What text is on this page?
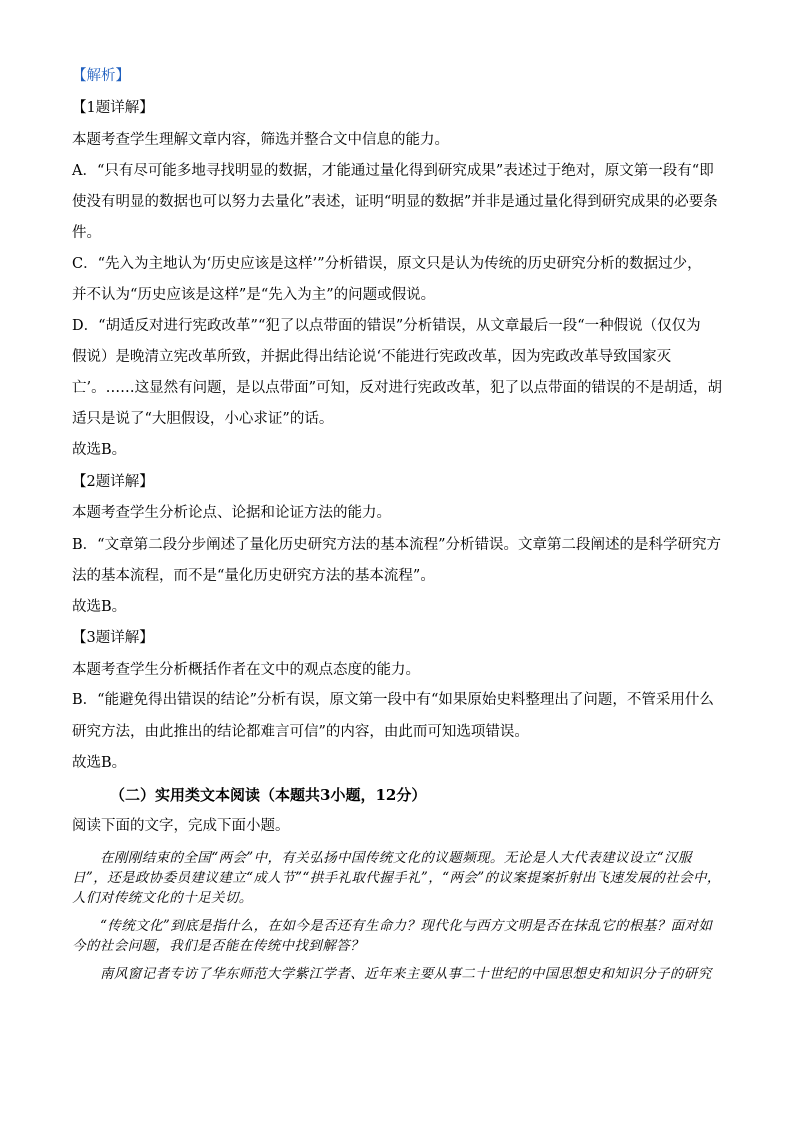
【解析】
【1题详解】
本题考查学生理解文章内容，筛选并整合文中信息的能力。
A．“只有尽可能多地寻找明显的数据，才能通过量化得到研究成果”表述过于绝对，原文第一段有“即
使没有明显的数据也可以努力去量化”表述，证明“明显的数据”并非是通过量化得到研究成果的必要条
件。
C．“先入为主地认为‘历史应该是这样’”分析错误，原文只是认为传统的历史研究分析的数据过少，
并不认为“历史应该是这样”是“先入为主”的问题或假说。
D．“胡适反对进行宪政改革”“犯了以点带面的错误”分析错误，从文章最后一段“一种假说（仅仅为
假说）是晚清立宪改革所致，并据此得出结论说‘不能进行宪政改革，因为宪政改革导致国家灭
亡’。……这显然有问题，是以点带面”可知，反对进行宪政改革，犯了以点带面的错误的不是胡适，胡
适只是说了“大胆假设，小心求证”的话。
故选B。
【2题详解】
本题考查学生分析论点、论据和论证方法的能力。
B．“文章第二段分步阐述了量化历史研究方法的基本流程”分析错误。文章第二段阐述的是科学研究方
法的基本流程，而不是“量化历史研究方法的基本流程”。
故选B。
【3题详解】
本题考查学生分析概括作者在文中的观点态度的能力。
B．“能避免得出错误的结论”分析有误，原文第一段中有“如果原始史料整理出了问题，不管采用什么
研究方法，由此推出的结论都难言可信”的内容，由此而可知选项错误。
故选B。
（二）实用类文本阅读（本题共3小题，12分）
阅读下面的文字，完成下面小题。

在刚刚结束的全国“两会”中，有关弘扬中国传统文化的议题频现。无论是人大代表建议设立“汉服日”，还是政协委员建议建立“成人节”“拱手礼取代握手礼”，“两会”的议案提案折射出飞速发展的社会中，人们对传统文化的十足关切。

“传统文化”到底是指什么，在如今是否还有生命力？现代化与西方文明是否在抹乱它的根基？面对如今的社会问题，我们是否能在传统中找到解答？

南风窗记者专访了华东师范大学紫江学者、近年来主要从事二十世纪的中国思想史和知识分子的研究
